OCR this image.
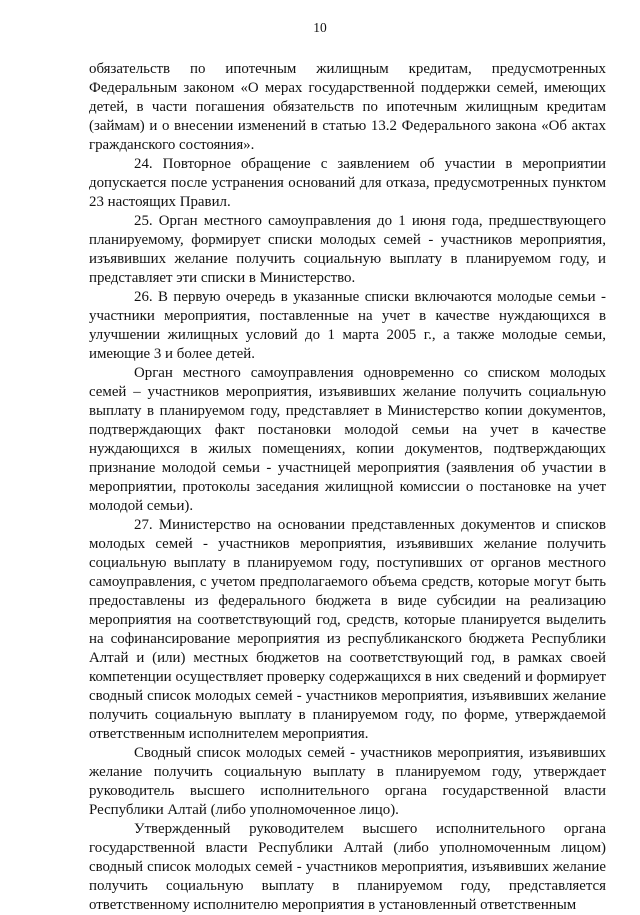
10

обязательств по ипотечным жилищным кредитам, предусмотренных Федеральным законом «О мерах государственной поддержки семей, имеющих детей, в части погашения обязательств по ипотечным жилищным кредитам (займам) и о внесении изменений в статью 13.2 Федерального закона «Об актах гражданского состояния».

24. Повторное обращение с заявлением об участии в мероприятии допускается после устранения оснований для отказа, предусмотренных пунктом 23 настоящих Правил.

25. Орган местного самоуправления до 1 июня года, предшествующего планируемому, формирует списки молодых семей - участников мероприятия, изъявивших желание получить социальную выплату в планируемом году, и представляет эти списки в Министерство.

26. В первую очередь в указанные списки включаются молодые семьи - участники мероприятия, поставленные на учет в качестве нуждающихся в улучшении жилищных условий до 1 марта 2005 г., а также молодые семьи, имеющие 3 и более детей.

Орган местного самоуправления одновременно со списком молодых семей – участников мероприятия, изъявивших желание получить социальную выплату в планируемом году, представляет в Министерство копии документов, подтверждающих факт постановки молодой семьи на учет в качестве нуждающихся в жилых помещениях, копии документов, подтверждающих признание молодой семьи - участницей мероприятия (заявления об участии в мероприятии, протоколы заседания жилищной комиссии о постановке на учет молодой семьи).

27. Министерство на основании представленных документов и списков молодых семей - участников мероприятия, изъявивших желание получить социальную выплату в планируемом году, поступивших от органов местного самоуправления, с учетом предполагаемого объема средств, которые могут быть предоставлены из федерального бюджета в виде субсидии на реализацию мероприятия на соответствующий год, средств, которые планируется выделить на софинансирование мероприятия из республиканского бюджета Республики Алтай и (или) местных бюджетов на соответствующий год, в рамках своей компетенции осуществляет проверку содержащихся в них сведений и формирует сводный список молодых семей - участников мероприятия, изъявивших желание получить социальную выплату в планируемом году, по форме, утверждаемой ответственным исполнителем мероприятия.

Сводный список молодых семей - участников мероприятия, изъявивших желание получить социальную выплату в планируемом году, утверждает руководитель высшего исполнительного органа государственной власти Республики Алтай (либо уполномоченное лицо).

Утвержденный руководителем высшего исполнительного органа государственной власти Республики Алтай (либо уполномоченным лицом) сводный список молодых семей - участников мероприятия, изъявивших желание получить социальную выплату в планируемом году, представляется ответственному исполнителю мероприятия в установленный ответственным
